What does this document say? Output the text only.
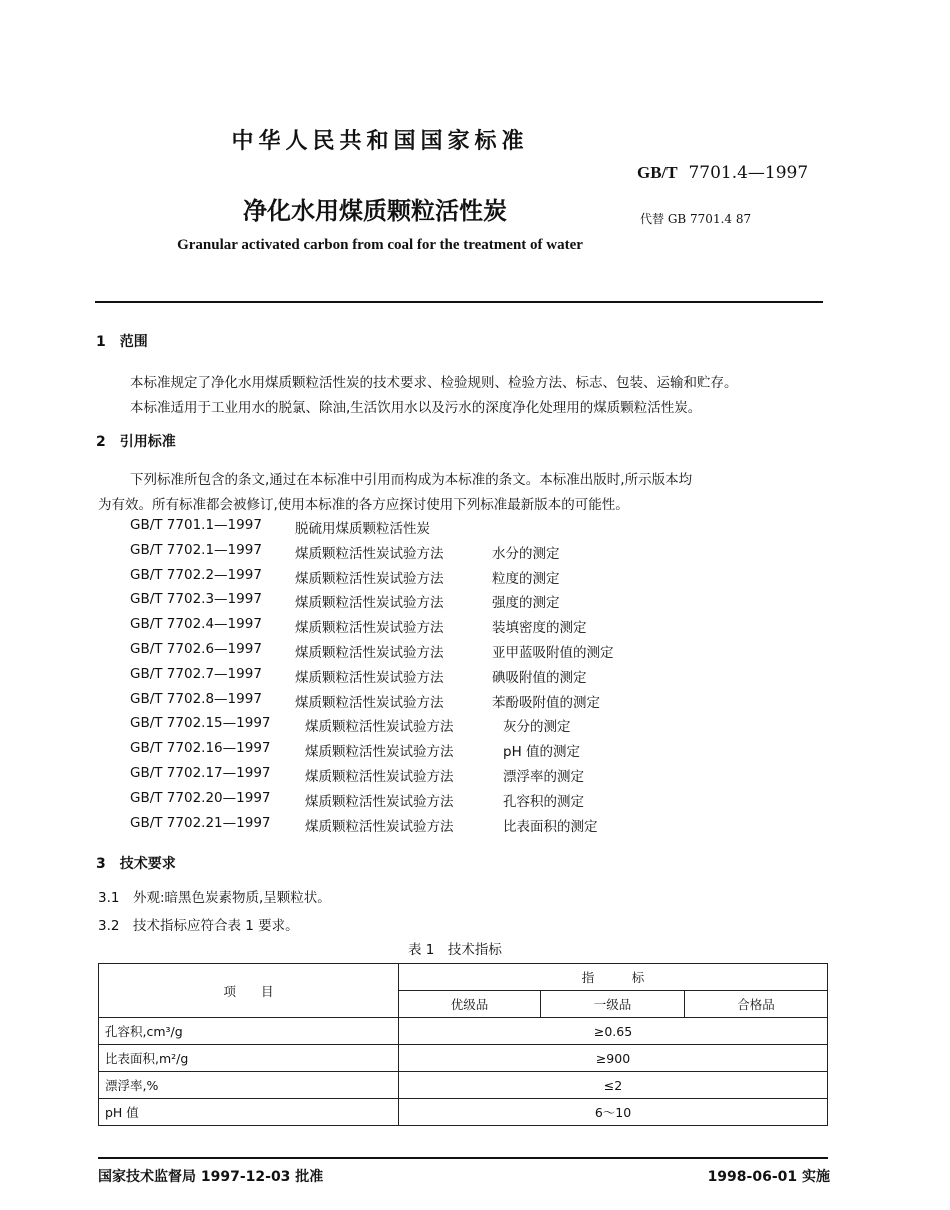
中华人民共和国国家标准
GB/T 7701.4—1997
净化水用煤质颗粒活性炭	代替 GB 7701.4 87
Granular activated carbon from coal for the treatment of water
1　范围
本标准规定了净化水用煤质颗粒活性炭的技术要求、检验规则、检验方法、标志、包装、运输和贮存。
本标准适用于工业用水的脱氯、除油,生活饮用水以及污水的深度净化处理用的煤质颗粒活性炭。
2　引用标准
下列标准所包含的条文,通过在本标准中引用而构成为本标准的条文。本标准出版时,所示版本均
为有效。所有标准都会被修订,使用本标准的各方应探讨使用下列标准最新版本的可能性。
GB/T 7701.1—1997 脱硫用煤质颗粒活性炭
GB/T 7702.1—1997 煤质颗粒活性炭试验方法	水分的测定
GB/T 7702.2—1997 煤质颗粒活性炭试验方法	粒度的测定
GB/T 7702.3—1997 煤质颗粒活性炭试验方法	强度的测定
GB/T 7702.4—1997 煤质颗粒活性炭试验方法	装填密度的测定
GB/T 7702.6—1997 煤质颗粒活性炭试验方法	亚甲蓝吸附值的测定
GB/T 7702.7—1997 煤质颗粒活性炭试验方法	碘吸附值的测定
GB/T 7702.8—1997 煤质颗粒活性炭试验方法	苯酚吸附值的测定
GB/T 7702.15—1997	煤质颗粒活性炭试验方法	灰分的测定
GB/T 7702.16—1997	煤质颗粒活性炭试验方法	pH 值的测定
GB/T 7702.17—1997	煤质颗粒活性炭试验方法	漂浮率的测定
GB/T 7702.20—1997	煤质颗粒活性炭试验方法	孔容积的测定
GB/T 7702.21—1997	煤质颗粒活性炭试验方法	比表面积的测定
3　技术要求
3.1　外观:暗黑色炭素物质,呈颗粒状。
3.2　技术指标应符合表 1 要求。
表 1　技术指标
项　　目	指　　　标		
	优级品	一级品	合格品
孔容积,cm³/g	≥0.65		
比表面积,m²/g	≥900		
漂浮率,%	≤2		
pH 值	6～10		
国家技术监督局 1997-12-03 批准	1998-06-01 实施
